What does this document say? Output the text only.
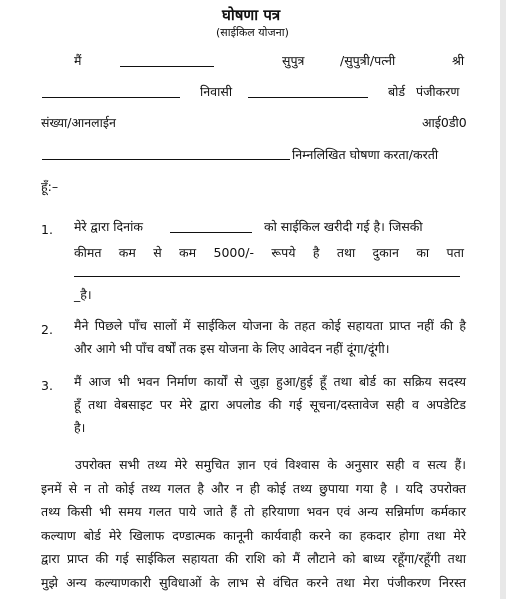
घोषणा पत्र
(साईकिल योजना)
मैं	सुपुत्र	/सुपुत्री/पत्नी	श्री
निवासी	बोर्ड पंजीकरण
संख्या/आनलाईन	आई0डी0
निम्नलिखित घोषणा करता/करती
हूँ:–
1. मेरे द्वारा दिनांक	को साईकिल खरीदी गई है। जिसकी
कीमत कम से कम 5000/- रूपये है तथा दुकान का पता
_है।
2. मैने पिछले पाँच सालों में साईकिल योजना के तहत कोई सहायता प्राप्त नहीं की है
और आगे भी पाँच वर्षों तक इस योजना के लिए आवेदन नहीं दूंगा/दूंगी।
3. मैं आज भी भवन निर्माण कार्यों से जुड़ा हुआ/हुई हूँ तथा बोर्ड का सक्रिय सदस्य
हूँ तथा वेबसाइट पर मेरे द्वारा अपलोड की गई सूचना/दस्तावेज सही व अपडेटिड
है।
उपरोक्त सभी तथ्य मेरे समुचित ज्ञान एवं विश्वास के अनुसार सही व सत्य हैं।
इनमें से न तो कोई तथ्य गलत है और न ही कोई तथ्य छुपाया गया है । यदि उपरोक्त
तथ्य किसी भी समय गलत पाये जाते हैं तो हरियाणा भवन एवं अन्य सन्निर्माण कर्मकार
कल्याण बोर्ड मेरे खिलाफ दण्डात्मक कानूनी कार्यवाही करने का हकदार होगा तथा मेरे
द्वारा प्राप्त की गई साईकिल सहायता की राशि को मैं लौटाने को बाध्य रहूँगा/रहूँगी तथा
मुझे अन्य कल्याणकारी सुविधाओं के लाभ से वंचित करने तथा मेरा पंजीकरण निरस्त
